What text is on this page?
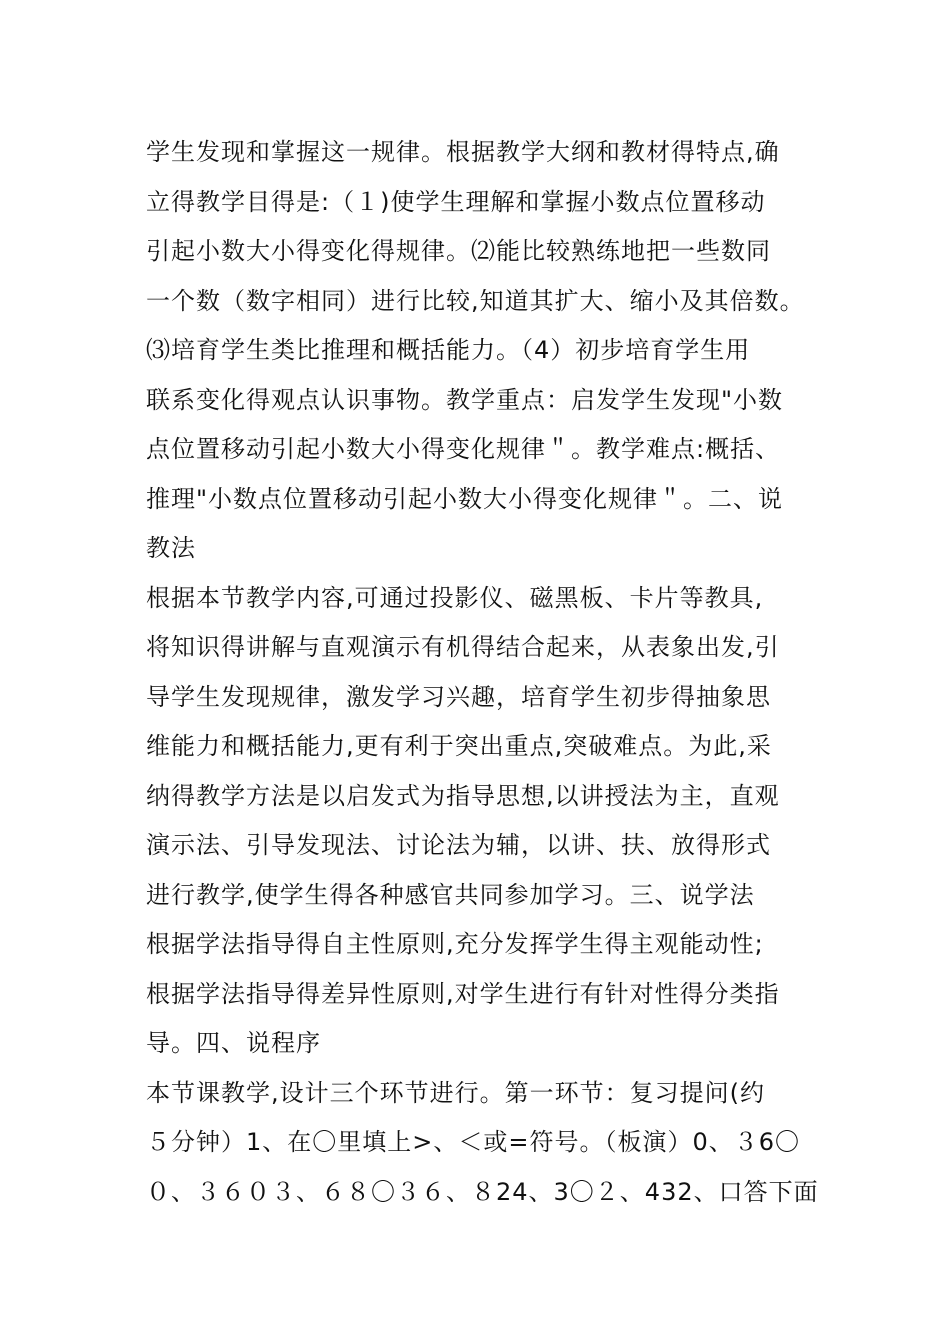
学生发现和掌握这一规律。根据教学大纲和教材得特点,确
立得教学目得是:（１)使学生理解和掌握小数点位置移动
引起小数大小得变化得规律。⑵能比较熟练地把一些数同
一个数（数字相同）进行比较,知道其扩大、缩小及其倍数。
⑶培育学生类比推理和概括能力。（4）初步培育学生用
联系变化得观点认识事物。教学重点：启发学生发现"小数
点位置移动引起小数大小得变化规律＂。教学难点:概括、
推理"小数点位置移动引起小数大小得变化规律＂。二、说
教法
根据本节教学内容,可通过投影仪、磁黑板、卡片等教具,
将知识得讲解与直观演示有机得结合起来，从表象出发,引
导学生发现规律，激发学习兴趣，培育学生初步得抽象思
维能力和概括能力,更有利于突出重点,突破难点。为此,采
纳得教学方法是以启发式为指导思想,以讲授法为主，直观
演示法、引导发现法、讨论法为辅，以讲、扶、放得形式
进行教学,使学生得各种感官共同参加学习。三、说学法
根据学法指导得自主性原则,充分发挥学生得主观能动性;
根据学法指导得差异性原则,对学生进行有针对性得分类指
导。四、说程序
本节课教学,设计三个环节进行。第一环节：复习提问(约
５分钟）1、在〇里填上>、＜或=符号。（板演）0、３6〇
０、３６０３、６８〇３６、８24、3〇２、432、口答下面
